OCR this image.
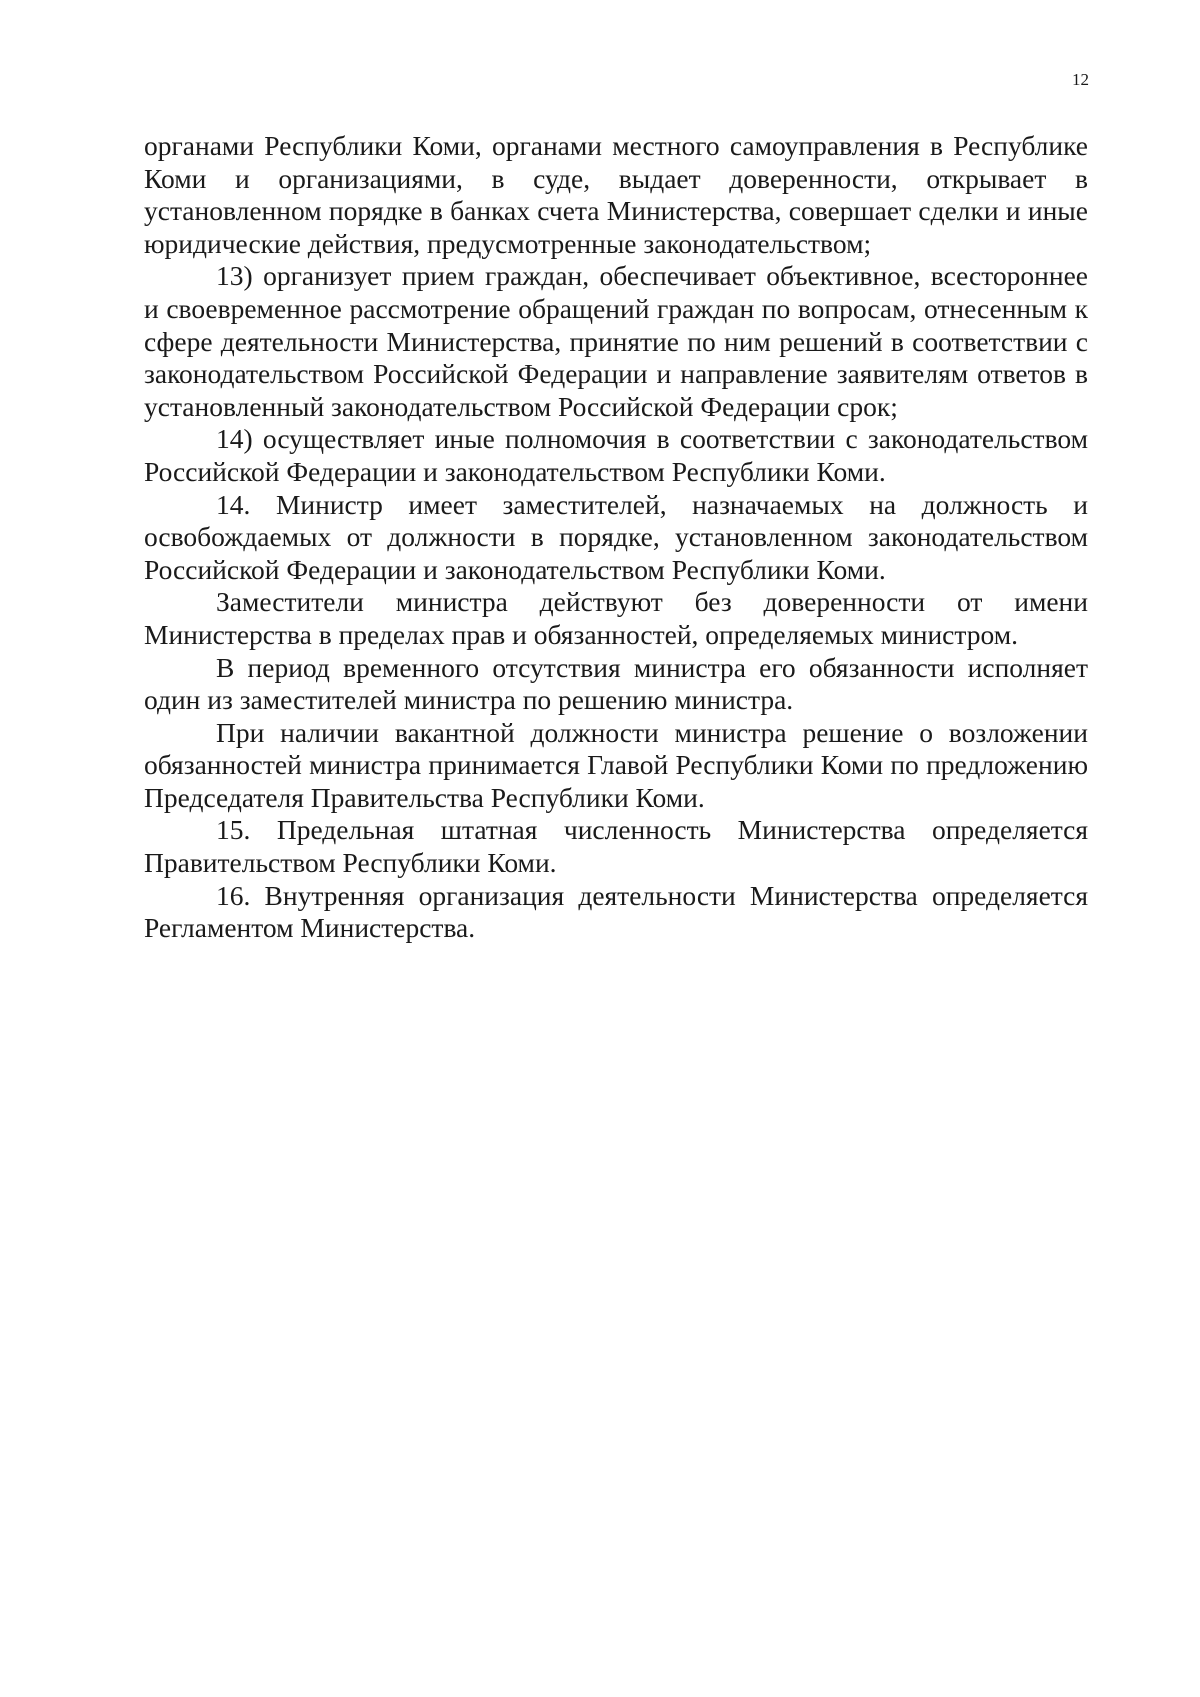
12

органами Республики Коми, органами местного самоуправления в Республике Коми и организациями, в суде, выдает доверенности, открывает в установленном порядке в банках счета Министерства, совершает сделки и иные юридические действия, предусмотренные законодательством;

13) организует прием граждан, обеспечивает объективное, всестороннее и своевременное рассмотрение обращений граждан по вопросам, отнесенным к сфере деятельности Министерства, принятие по ним решений в соответствии с законодательством Российской Федерации и направление заявителям ответов в установленный законодательством Российской Федерации срок;

14) осуществляет иные полномочия в соответствии с законодательством Российской Федерации и законодательством Республики Коми.

14. Министр имеет заместителей, назначаемых на должность и освобождаемых от должности в порядке, установленном законодательством Российской Федерации и законодательством Республики Коми.

Заместители министра действуют без доверенности от имени Министерства в пределах прав и обязанностей, определяемых министром.

В период временного отсутствия министра его обязанности исполняет один из заместителей министра по решению министра.

При наличии вакантной должности министра решение о возложении обязанностей министра принимается Главой Республики Коми по предложению Председателя Правительства Республики Коми.

15. Предельная штатная численность Министерства определяется Правительством Республики Коми.

16. Внутренняя организация деятельности Министерства определяется Регламентом Министерства.
